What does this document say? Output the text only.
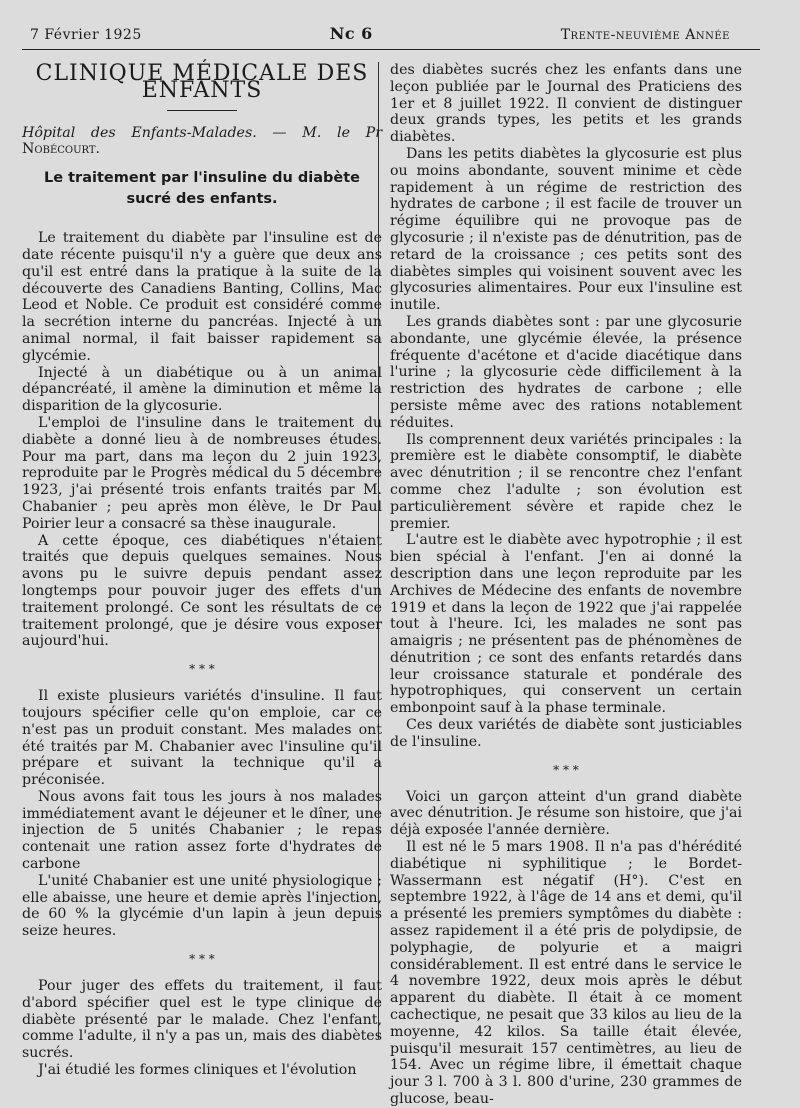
7 Février 1925	Nc 6	Trente-neuvième Année
CLINIQUE MÉDICALE DES ENFANTS

Hôpital des Enfants-Malades. — M. le Pr Nobécourt.

Le traitement par l'insuline du diabète sucré des enfants.

Le traitement du diabète par l'insuline est de date récente puisqu'il n'y a guère que deux ans qu'il est entré dans la pratique à la suite de la découverte des Canadiens Banting, Collins, Mac Leod et Noble. Ce produit est considéré comme la secrétion interne du pancréas. Injecté à un animal normal, il fait baisser rapidement sa glycémie.

Injecté à un diabétique ou à un animal dépancréaté, il amène la diminution et même la disparition de la glycosurie.

L'emploi de l'insuline dans le traitement du diabète a donné lieu à de nombreuses études. Pour ma part, dans ma leçon du 2 juin 1923, reproduite par le Progrès médical du 5 décembre 1923, j'ai présenté trois enfants traités par M. Chabanier ; peu après mon élève, le Dr Paul Poirier leur a consacré sa thèse inaugurale.

A cette époque, ces diabétiques n'étaient traités que depuis quelques semaines. Nous avons pu le suivre depuis pendant assez longtemps pour pouvoir juger des effets d'un traitement prolongé. Ce sont les résultats de ce traitement prolongé, que je désire vous exposer aujourd'hui.

* * *

Il existe plusieurs variétés d'insuline. Il faut toujours spécifier celle qu'on emploie, car ce n'est pas un produit constant. Mes malades ont été traités par M. Chabanier avec l'insuline qu'il prépare et suivant la technique qu'il a préconisée.

Nous avons fait tous les jours à nos malades immédiatement avant le déjeuner et le dîner, une injection de 5 unités Chabanier ; le repas contenait une ration assez forte d'hydrates de carbone

L'unité Chabanier est une unité physiologique ; elle abaisse, une heure et demie après l'injection, de 60 % la glycémie d'un lapin à jeun depuis seize heures.

* * *

Pour juger des effets du traitement, il faut d'abord spécifier quel est le type clinique de diabète présenté par le malade. Chez l'enfant, comme l'adulte, il n'y a pas un, mais des diabètes sucrés.

J'ai étudié les formes cliniques et l'évolution

des diabètes sucrés chez les enfants dans une leçon publiée par le Journal des Praticiens des 1er et 8 juillet 1922. Il convient de distinguer deux grands types, les petits et les grands diabètes.

Dans les petits diabètes la glycosurie est plus ou moins abondante, souvent minime et cède rapidement à un régime de restriction des hydrates de carbone ; il est facile de trouver un régime équilibre qui ne provoque pas de glycosurie ; il n'existe pas de dénutrition, pas de retard de la croissance ; ces petits sont des diabètes simples qui voisinent souvent avec les glycosuries alimentaires. Pour eux l'insuline est inutile.

Les grands diabètes sont : par une glycosurie abondante, une glycémie élevée, la présence fréquente d'acétone et d'acide diacétique dans l'urine ; la glycosurie cède difficilement à la restriction des hydrates de carbone ; elle persiste même avec des rations notablement réduites.

Ils comprennent deux variétés principales : la première est le diabète consomptif, le diabète avec dénutrition ; il se rencontre chez l'enfant comme chez l'adulte ; son évolution est particulièrement sévère et rapide chez le premier.

L'autre est le diabète avec hypotrophie ; il est bien spécial à l'enfant. J'en ai donné la description dans une leçon reproduite par les Archives de Médecine des enfants de novembre 1919 et dans la leçon de 1922 que j'ai rappelée tout à l'heure. Ici, les malades ne sont pas amaigris ; ne présentent pas de phénomènes de dénutrition ; ce sont des enfants retardés dans leur croissance staturale et pondérale des hypotrophiques, qui conservent un certain embonpoint sauf à la phase terminale.

Ces deux variétés de diabète sont justiciables de l'insuline.

* * *

Voici un garçon atteint d'un grand diabète avec dénutrition. Je résume son histoire, que j'ai déjà exposée l'année dernière.

Il est né le 5 mars 1908. Il n'a pas d'hérédité diabétique ni syphilitique ; le Bordet-Wassermann est négatif (H°). C'est en septembre 1922, à l'âge de 14 ans et demi, qu'il a présenté les premiers symptômes du diabète : assez rapidement il a été pris de polydipsie, de polyphagie, de polyurie et a maigri considérablement. Il est entré dans le service le 4 novembre 1922, deux mois après le début apparent du diabète. Il était à ce moment cachectique, ne pesait que 33 kilos au lieu de la moyenne, 42 kilos. Sa taille était élevée, puisqu'il mesurait 157 centimètres, au lieu de 154. Avec un régime libre, il émettait chaque jour 3 l. 700 à 3 l. 800 d'urine, 230 grammes de glucose, beau-
